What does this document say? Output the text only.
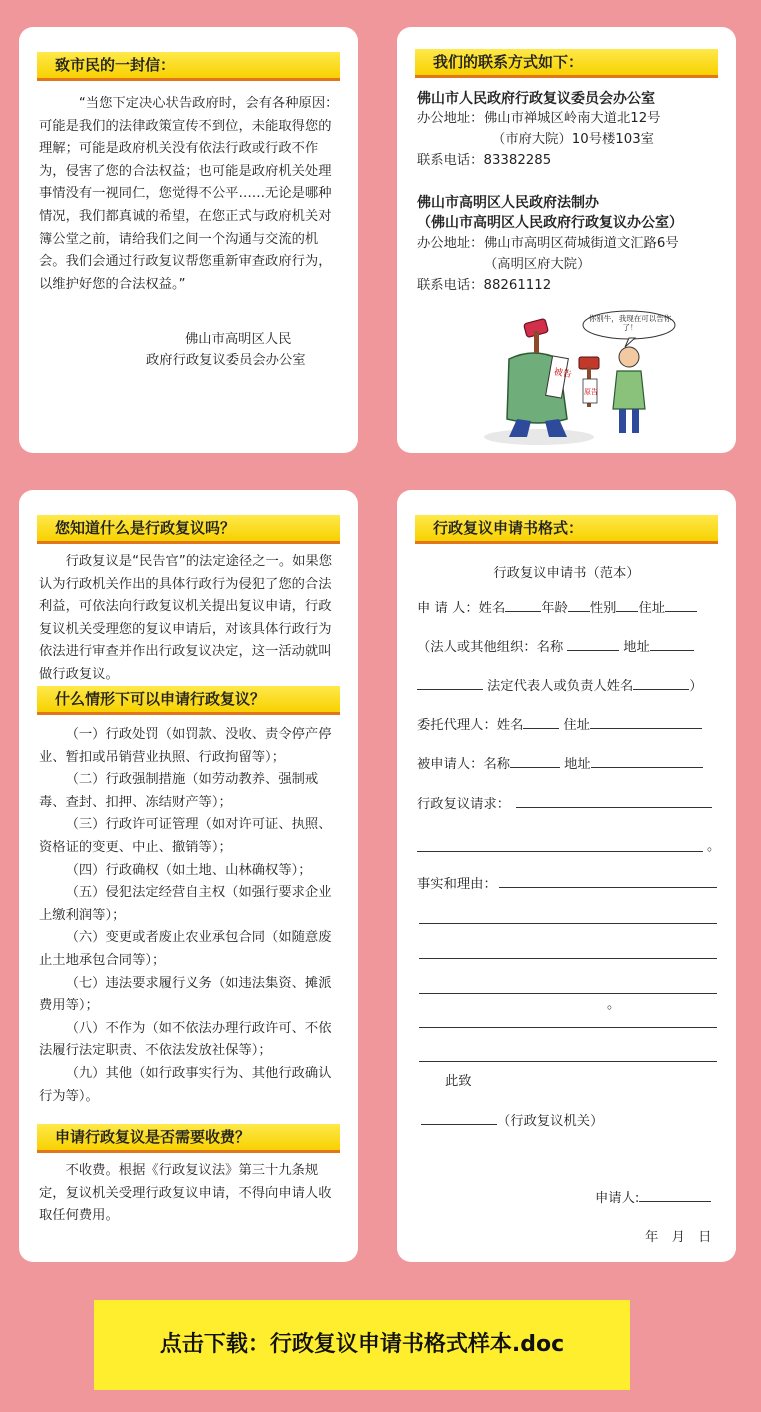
致市民的一封信：
“当您下定决心状告政府时，会有各种原因：可能是我们的法律政策宣传不到位，未能取得您的理解；可能是政府机关没有依法行政或行政不作为，侵害了您的合法权益；也可能是政府机关处理事情没有一视同仁，您觉得不公平……无论是哪种情况，我们都真诚的希望，在您正式与政府机关对簿公堂之前，请给我们之间一个沟通与交流的机会。我们会通过行政复议帮您重新审查政府行为，以维护好您的合法权益。”
佛山市高明区人民
政府行政复议委员会办公室
我们的联系方式如下：
佛山市人民政府行政复议委员会办公室
办公地址： 佛山市禅城区岭南大道北12号
（市府大院）10号楼103室
联系电话：83382285
佛山市高明区人民政府法制办
（佛山市高明区人民政府行政复议办公室）
办公地址： 佛山市高明区荷城街道文汇路6号
（高明区府大院）
联系电话：88261112
被告
原告
你别牛，我现在可以告你了！
您知道什么是行政复议吗？
行政复议是“民告官”的法定途径之一。如果您认为行政机关作出的具体行政行为侵犯了您的合法利益，可依法向行政复议机关提出复议申请，行政复议机关受理您的复议申请后，对该具体行政行为依法进行审查并作出行政复议决定，这一活动就叫做行政复议。
什么情形下可以申请行政复议？
（一）行政处罚（如罚款、没收、责令停产停业、暂扣或吊销营业执照、行政拘留等）；
（二）行政强制措施（如劳动教养、强制戒毒、查封、扣押、冻结财产等）；
（三）行政许可证管理（如对许可证、执照、资格证的变更、中止、撤销等）；
（四）行政确权（如土地、山林确权等）；
（五）侵犯法定经营自主权（如强行要求企业上缴利润等）；
（六）变更或者废止农业承包合同（如随意废止土地承包合同等）；
（七）违法要求履行义务（如违法集资、摊派费用等）；
（八）不作为（如不依法办理行政许可、不依法履行法定职责、不依法发放社保等）；
（九）其他（如行政事实行为、其他行政确认行为等）。
申请行政复议是否需要收费？
不收费。根据《行政复议法》第三十九条规定，复议机关受理行政复议申请，不得向申请人收取任何费用。
行政复议申请书格式：
行政复议申请书（范本）
申 请 人：姓名	年龄 性别 住址
（法人或其他组织：名称	地址
法定代表人或负责人姓名	）
委托代理人：姓名	住址
被申请人：名称	地址
行政复议请求：
。
事实和理由：
。
此致
（行政复议机关）
申请人:
年　月　日
点击下载：行政复议申请书格式样本.doc
